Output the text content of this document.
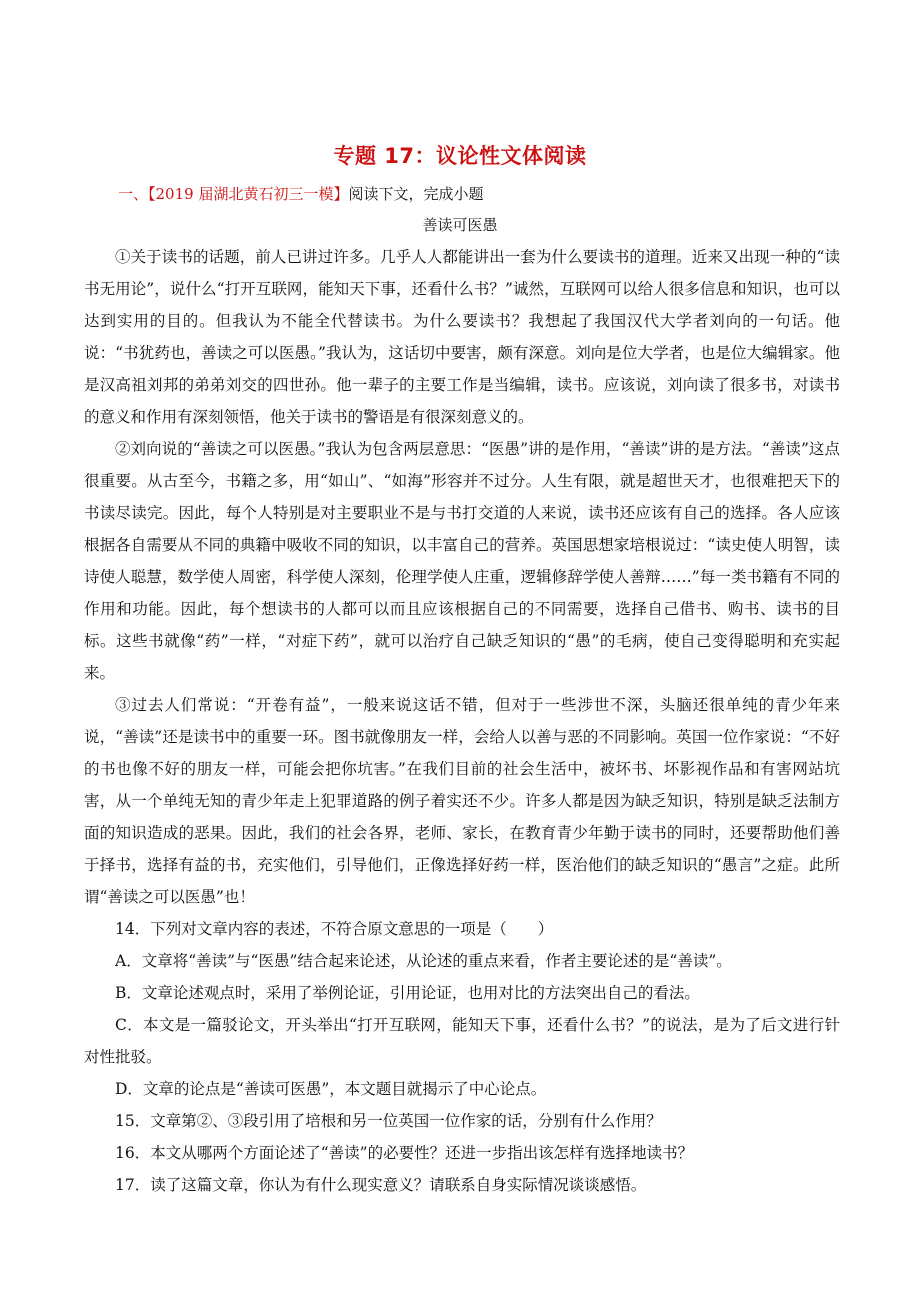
专题 17：议论性文体阅读
一、【2019 届湖北黄石初三一模】阅读下文，完成小题
善读可医愚

①关于读书的话题，前人已讲过许多。几乎人人都能讲出一套为什么要读书的道理。近来又出现一种的“读书无用论”，说什么“打开互联网，能知天下事，还看什么书？”诚然，互联网可以给人很多信息和知识，也可以达到实用的目的。但我认为不能全代替读书。为什么要读书？我想起了我国汉代大学者刘向的一句话。他说：“书犹药也，善读之可以医愚。”我认为，这话切中要害，颇有深意。刘向是位大学者，也是位大编辑家。他是汉高祖刘邦的弟弟刘交的四世孙。他一辈子的主要工作是当编辑，读书。应该说，刘向读了很多书，对读书的意义和作用有深刻领悟，他关于读书的警语是有很深刻意义的。

②刘向说的“善读之可以医愚。”我认为包含两层意思：“医愚”讲的是作用，“善读”讲的是方法。“善读”这点很重要。从古至今，书籍之多，用“如山”、“如海”形容并不过分。人生有限，就是超世天才，也很难把天下的书读尽读完。因此，每个人特别是对主要职业不是与书打交道的人来说，读书还应该有自己的选择。各人应该根据各自需要从不同的典籍中吸收不同的知识，以丰富自己的营养。英国思想家培根说过：“读史使人明智，读诗使人聪慧，数学使人周密，科学使人深刻，伦理学使人庄重，逻辑修辞学使人善辩……”每一类书籍有不同的作用和功能。因此，每个想读书的人都可以而且应该根据自己的不同需要，选择自己借书、购书、读书的目标。这些书就像“药”一样，“对症下药”，就可以治疗自己缺乏知识的“愚”的毛病，使自己变得聪明和充实起来。

③过去人们常说：“开卷有益”，一般来说这话不错，但对于一些涉世不深，头脑还很单纯的青少年来说，“善读”还是读书中的重要一环。图书就像朋友一样，会给人以善与恶的不同影响。英国一位作家说：“不好的书也像不好的朋友一样，可能会把你坑害。”在我们目前的社会生活中，被坏书、坏影视作品和有害网站坑害，从一个单纯无知的青少年走上犯罪道路的例子着实还不少。许多人都是因为缺乏知识，特别是缺乏法制方面的知识造成的恶果。因此，我们的社会各界，老师、家长，在教育青少年勤于读书的同时，还要帮助他们善于择书，选择有益的书，充实他们，引导他们，正像选择好药一样，医治他们的缺乏知识的“愚言”之症。此所谓“善读之可以医愚”也！

14．下列对文章内容的表述，不符合原文意思的一项是（　　）

A．文章将“善读”与“医愚”结合起来论述，从论述的重点来看，作者主要论述的是“善读”。

B．文章论述观点时，采用了举例论证，引用论证，也用对比的方法突出自己的看法。

C．本文是一篇驳论文，开头举出“打开互联网，能知天下事，还看什么书？”的说法，是为了后文进行针对性批驳。

D．文章的论点是“善读可医愚”，本文题目就揭示了中心论点。

15．文章第②、③段引用了培根和另一位英国一位作家的话，分别有什么作用？

16．本文从哪两个方面论述了“善读”的必要性？还进一步指出该怎样有选择地读书？

17．读了这篇文章，你认为有什么现实意义？请联系自身实际情况谈谈感悟。
